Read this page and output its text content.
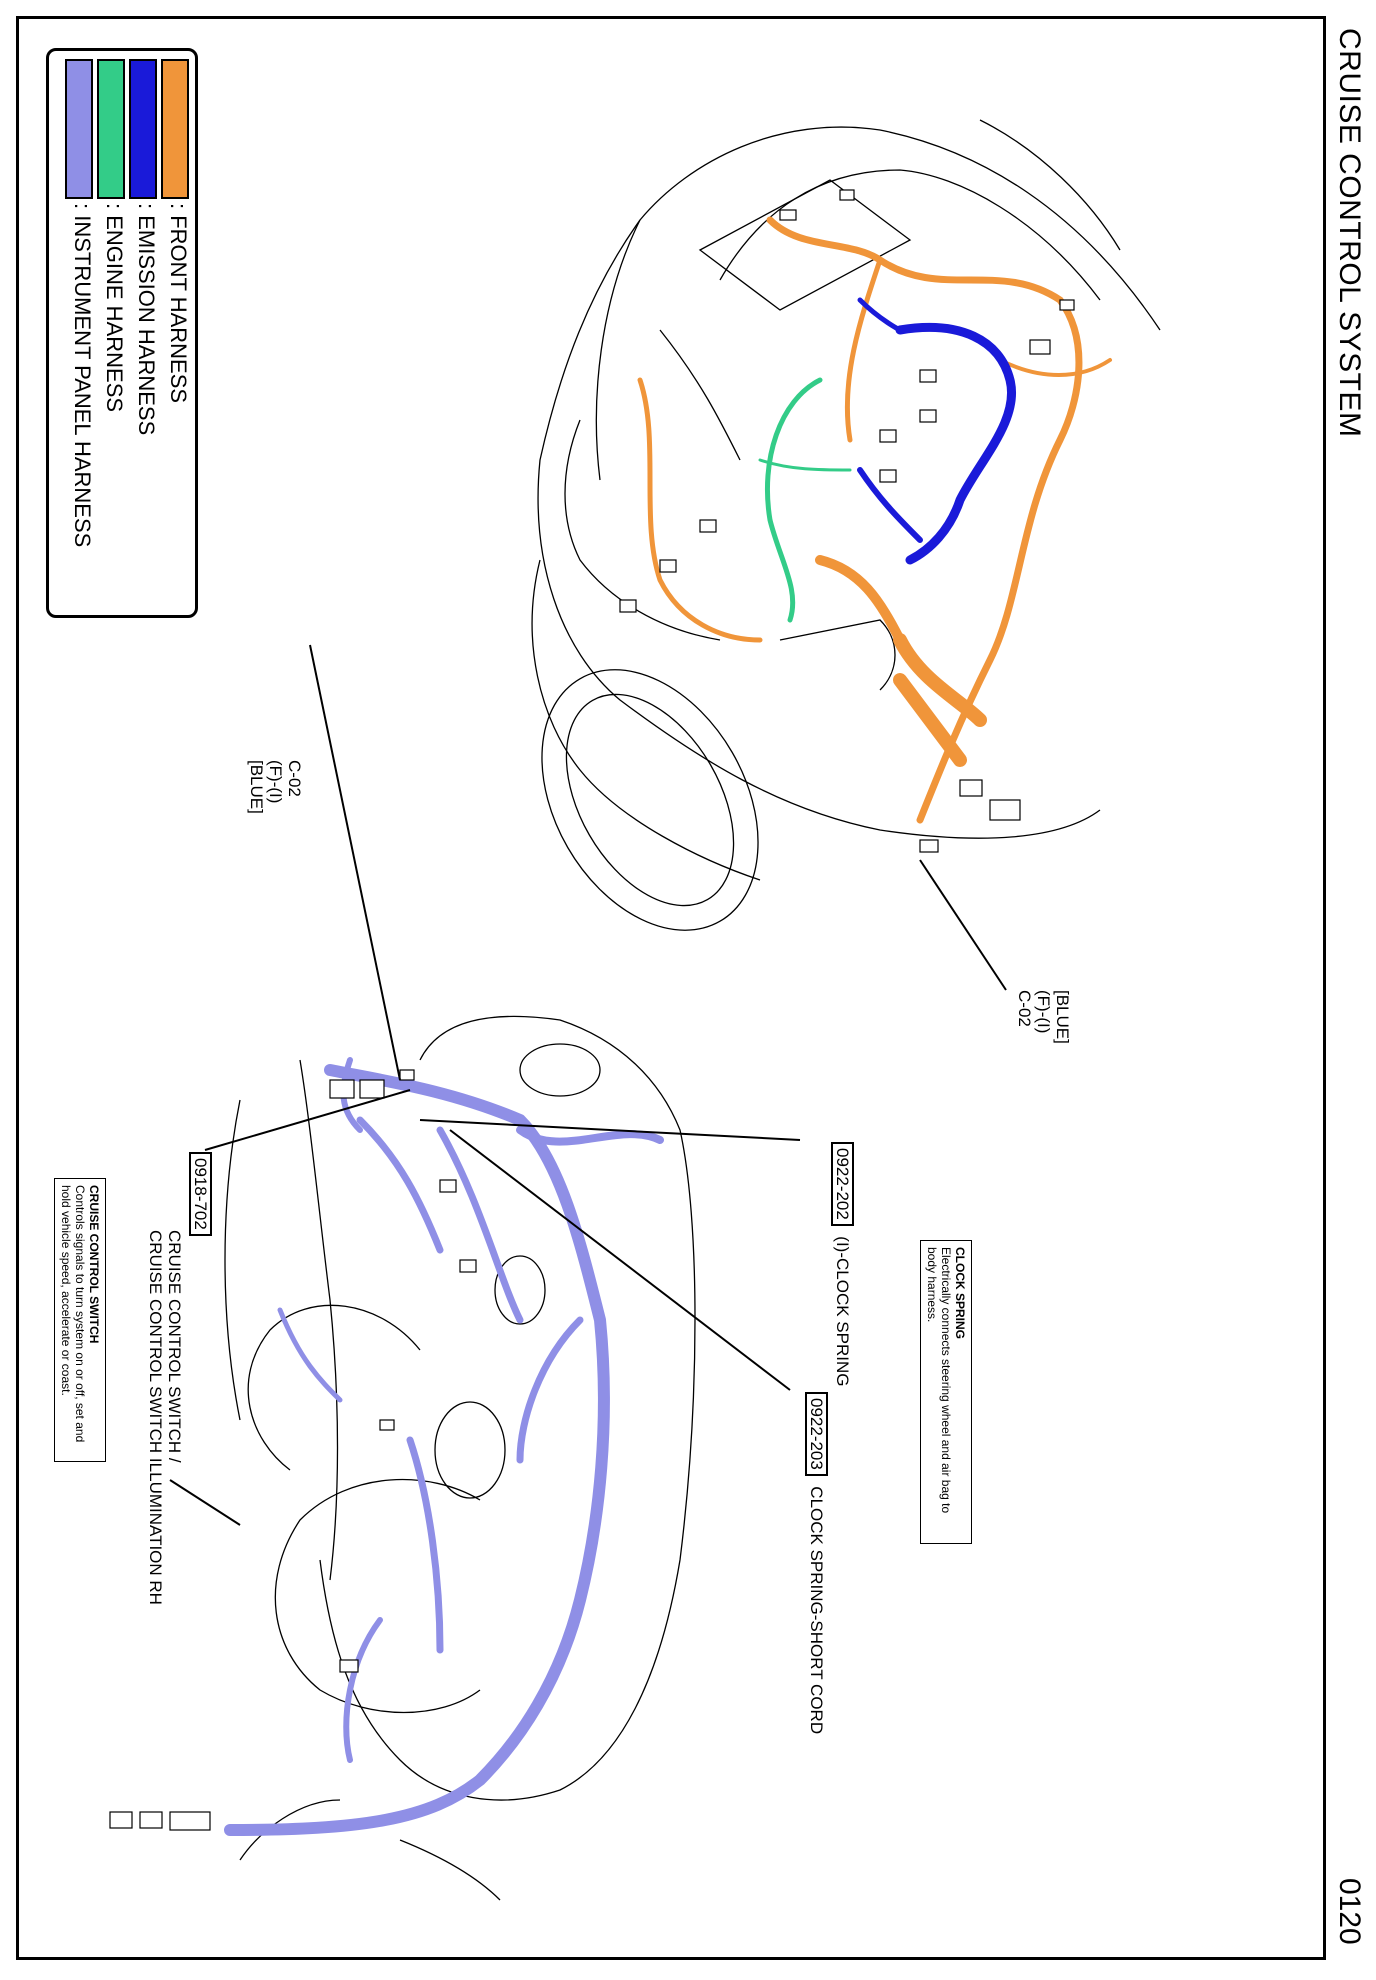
CRUISE CONTROL SYSTEM
0120
: FRONT HARNESS
: EMISSION HARNESS
: ENGINE HARNESS
: INSTRUMENT PANEL HARNESS
C-02
(F)-(I)
[BLUE]
[BLUE]
(F)-(I)
C-02
0922-202 (I)-CLOCK SPRING
0922-203 CLOCK SPRING-SHORT CORD
0918-702
CRUISE CONTROL SWITCH /
CRUISE CONTROL SWITCH ILLUMINATION RH	CLOCK SPRING
Electrically connects steering wheel and air bag to body harness.
CRUISE CONTROL SWITCH
Controls signals to turn system on or off, set and hold vehicle speed, accelerate or coast.
